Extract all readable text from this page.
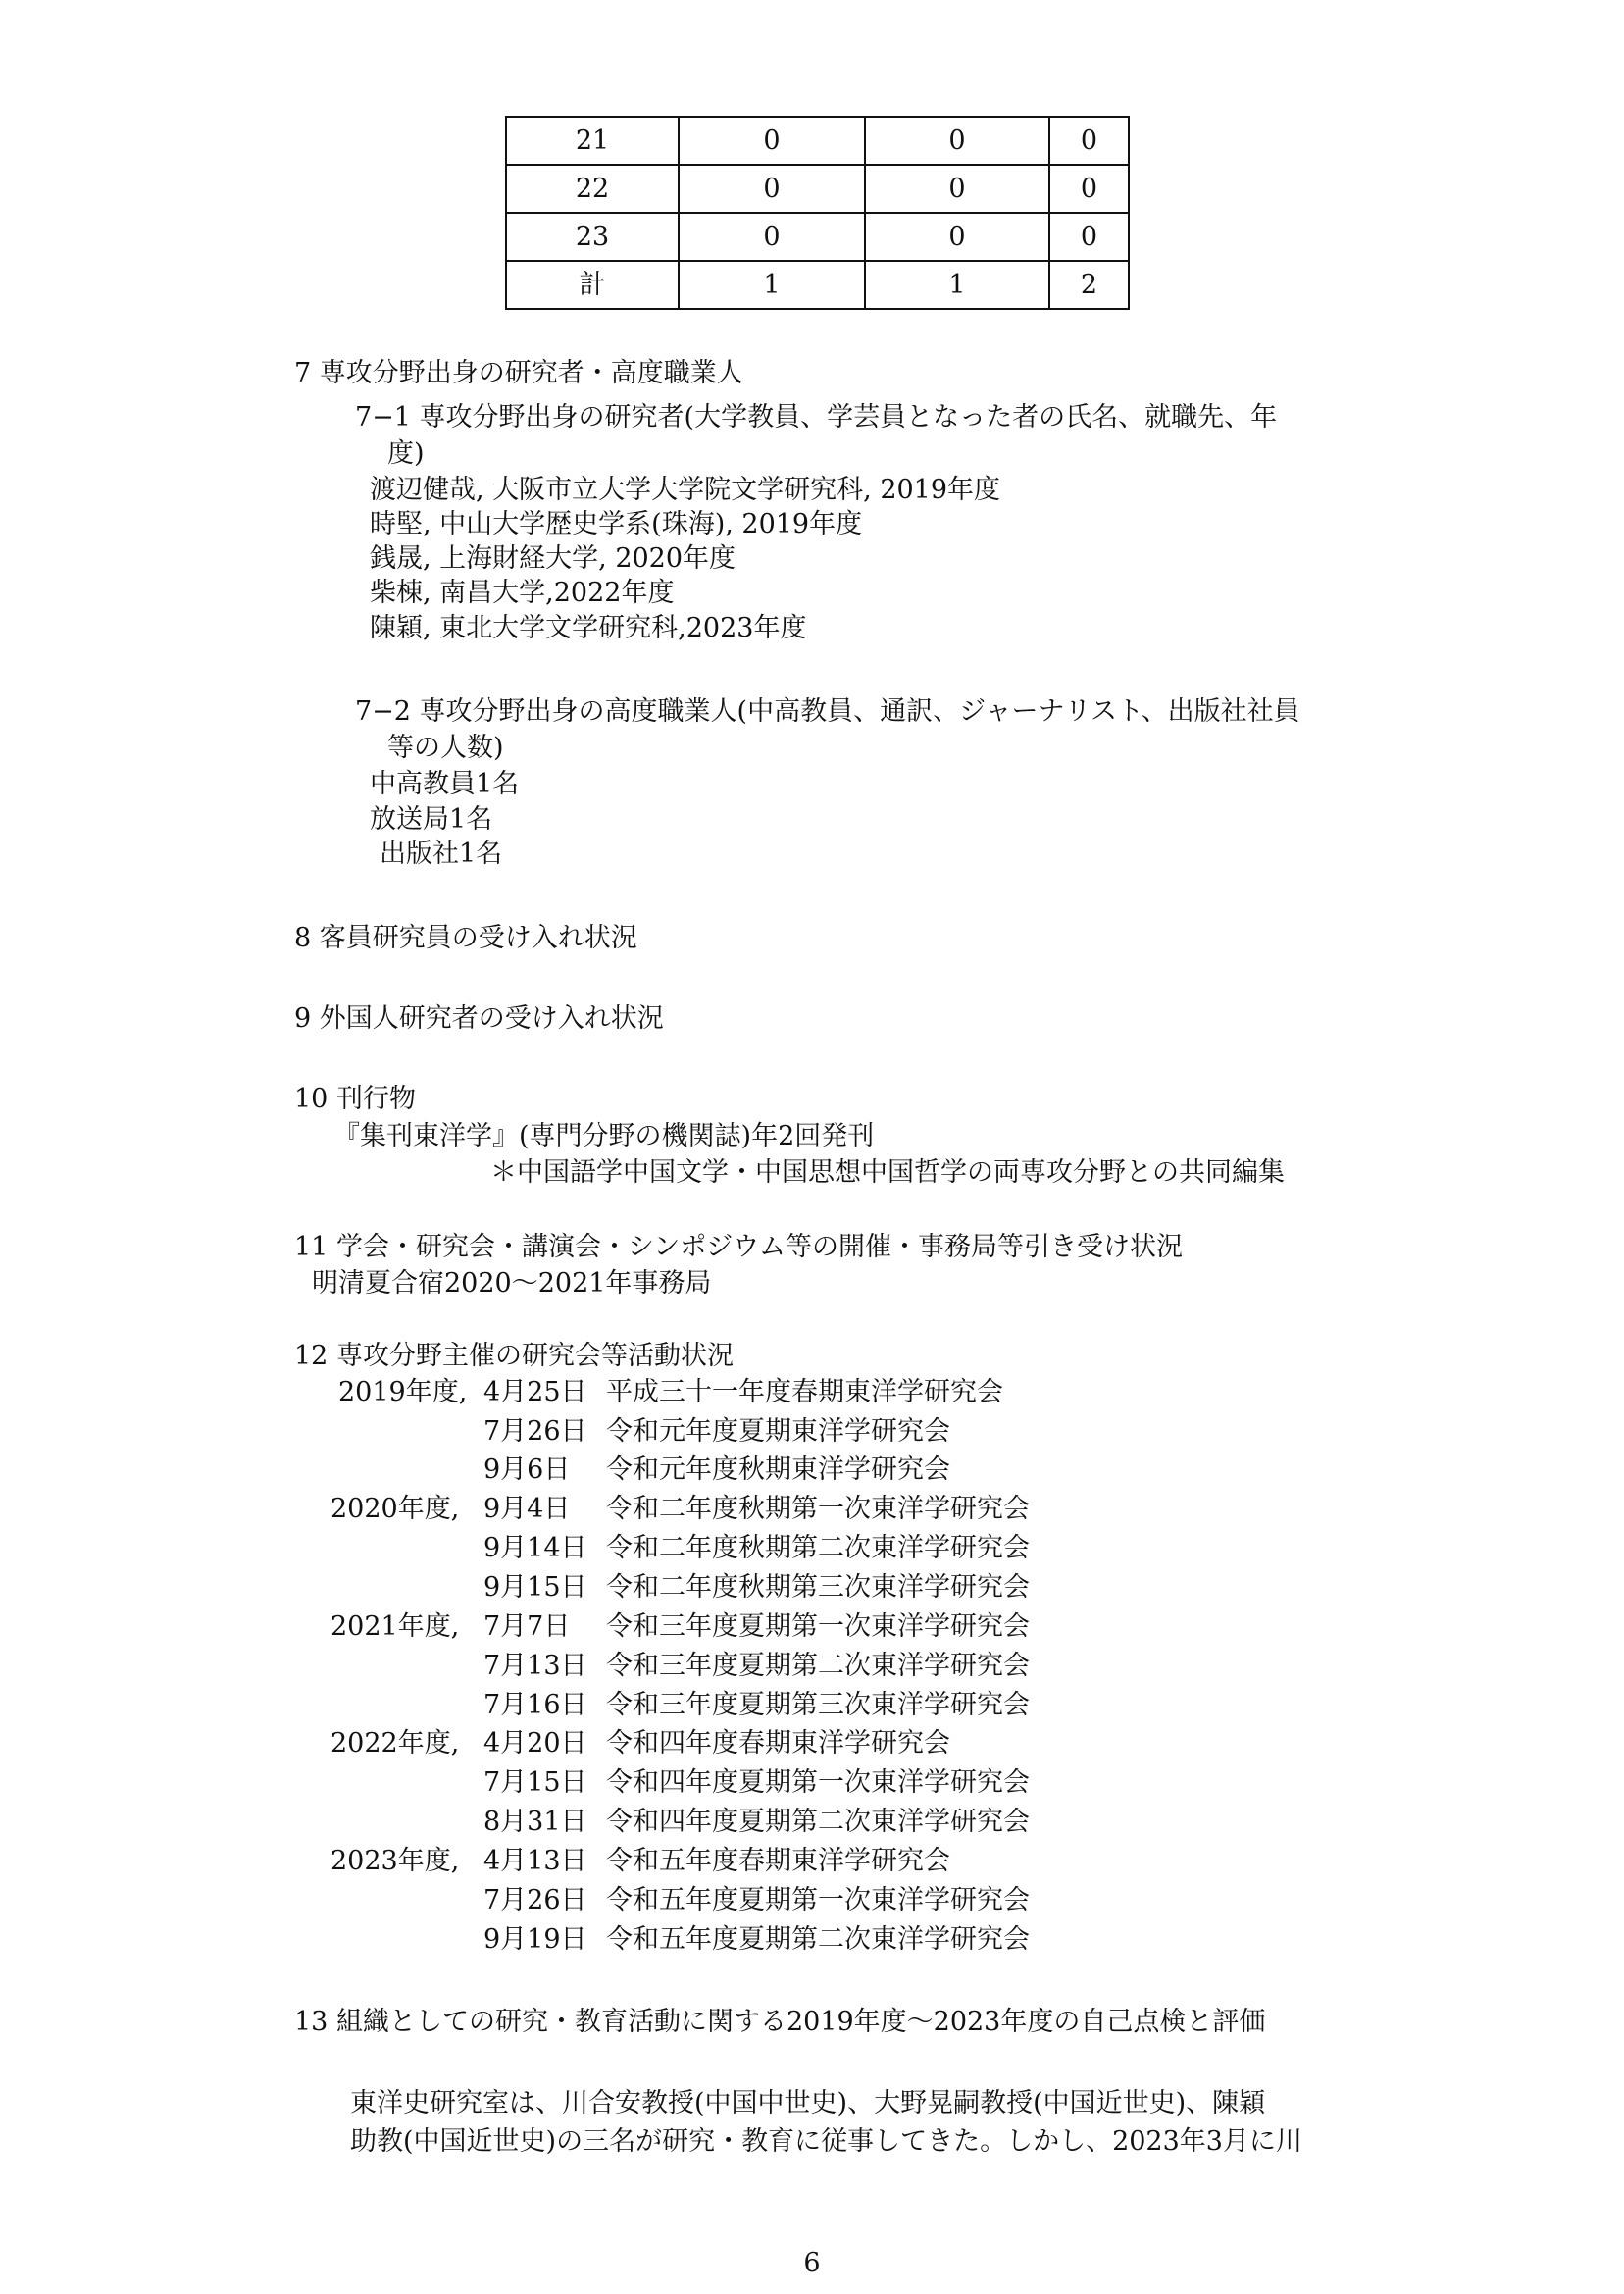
21	0	0	0
22	0	0	0
23	0	0	0
計	1	1	2
7 専攻分野出身の研究者・高度職業人
7−1 専攻分野出身の研究者(大学教員、学芸員となった者の氏名、就職先、年
度)
渡辺健哉, 大阪市立大学大学院文学研究科, 2019年度
時堅, 中山大学歴史学系(珠海), 2019年度
銭晟, 上海財経大学, 2020年度
柴棟, 南昌大学,2022年度
陳穎, 東北大学文学研究科,2023年度
7−2 専攻分野出身の高度職業人(中高教員、通訳、ジャーナリスト、出版社社員
等の人数)
中高教員1名
放送局1名
出版社1名
8 客員研究員の受け入れ状況
9 外国人研究者の受け入れ状況
10 刊行物
『集刊東洋学』(専門分野の機関誌)年2回発刊
＊中国語学中国文学・中国思想中国哲学の両専攻分野との共同編集
11 学会・研究会・講演会・シンポジウム等の開催・事務局等引き受け状況
明清夏合宿2020〜2021年事務局
12 専攻分野主催の研究会等活動状況
2019年度, 4月25日 平成三十一年度春期東洋学研究会
7月26日 令和元年度夏期東洋学研究会
9月6日 令和元年度秋期東洋学研究会
2020年度, 9月4日 令和二年度秋期第一次東洋学研究会
9月14日 令和二年度秋期第二次東洋学研究会
9月15日 令和二年度秋期第三次東洋学研究会
2021年度, 7月7日 令和三年度夏期第一次東洋学研究会
7月13日 令和三年度夏期第二次東洋学研究会
7月16日 令和三年度夏期第三次東洋学研究会
2022年度, 4月20日 令和四年度春期東洋学研究会
7月15日 令和四年度夏期第一次東洋学研究会
8月31日 令和四年度夏期第二次東洋学研究会
2023年度, 4月13日 令和五年度春期東洋学研究会
7月26日 令和五年度夏期第一次東洋学研究会
9月19日 令和五年度夏期第二次東洋学研究会
13 組織としての研究・教育活動に関する2019年度〜2023年度の自己点検と評価
東洋史研究室は、川合安教授(中国中世史)、大野晃嗣教授(中国近世史)、陳穎
助教(中国近世史)の三名が研究・教育に従事してきた。しかし、2023年3月に川
6
